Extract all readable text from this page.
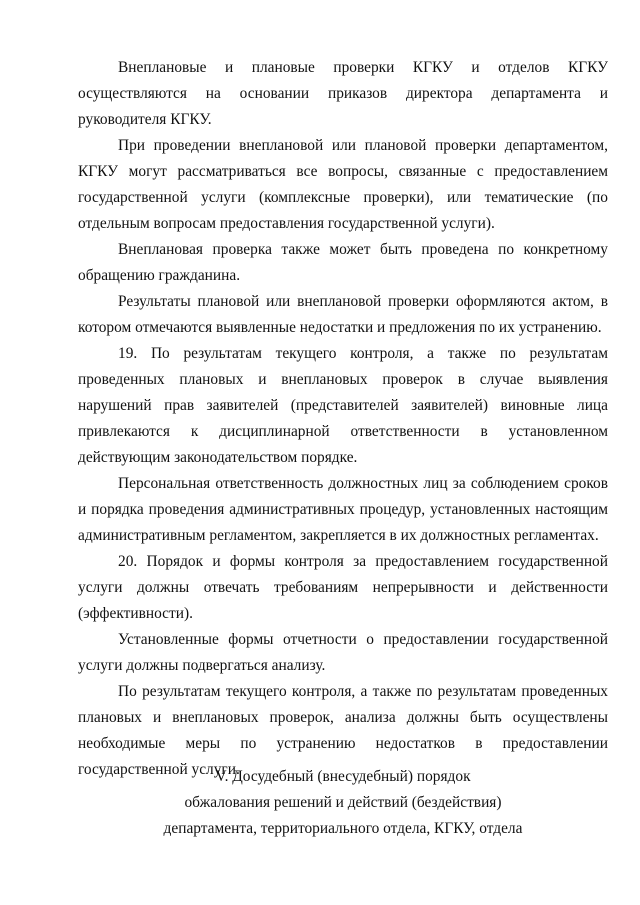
Внеплановые и плановые проверки КГКУ и отделов КГКУ осуществляются на основании приказов директора департамента и руководителя КГКУ.

При проведении внеплановой или плановой проверки департаментом, КГКУ могут рассматриваться все вопросы, связанные с предоставлением государственной услуги (комплексные проверки), или тематические (по отдельным вопросам предоставления государственной услуги).

Внеплановая проверка также может быть проведена по конкретному обращению гражданина.

Результаты плановой или внеплановой проверки оформляются актом, в котором отмечаются выявленные недостатки и предложения по их устранению.

19. По результатам текущего контроля, а также по результатам проведенных плановых и внеплановых проверок в случае выявления нарушений прав заявителей (представителей заявителей) виновные лица привлекаются к дисциплинарной ответственности в установленном действующим законодательством порядке.

Персональная ответственность должностных лиц за соблюдением сроков и порядка проведения административных процедур, установленных настоящим административным регламентом, закрепляется в их должностных регламентах.

20. Порядок и формы контроля за предоставлением государственной услуги должны отвечать требованиям непрерывности и действенности (эффективности).

Установленные формы отчетности о предоставлении государственной услуги должны подвергаться анализу.

По результатам текущего контроля, а также по результатам проведенных плановых и внеплановых проверок, анализа должны быть осуществлены необходимые меры по устранению недостатков в предоставлении государственной услуги.

V. Досудебный (внесудебный) порядок
обжалования решений и действий (бездействия)
департамента, территориального отдела, КГКУ, отдела
